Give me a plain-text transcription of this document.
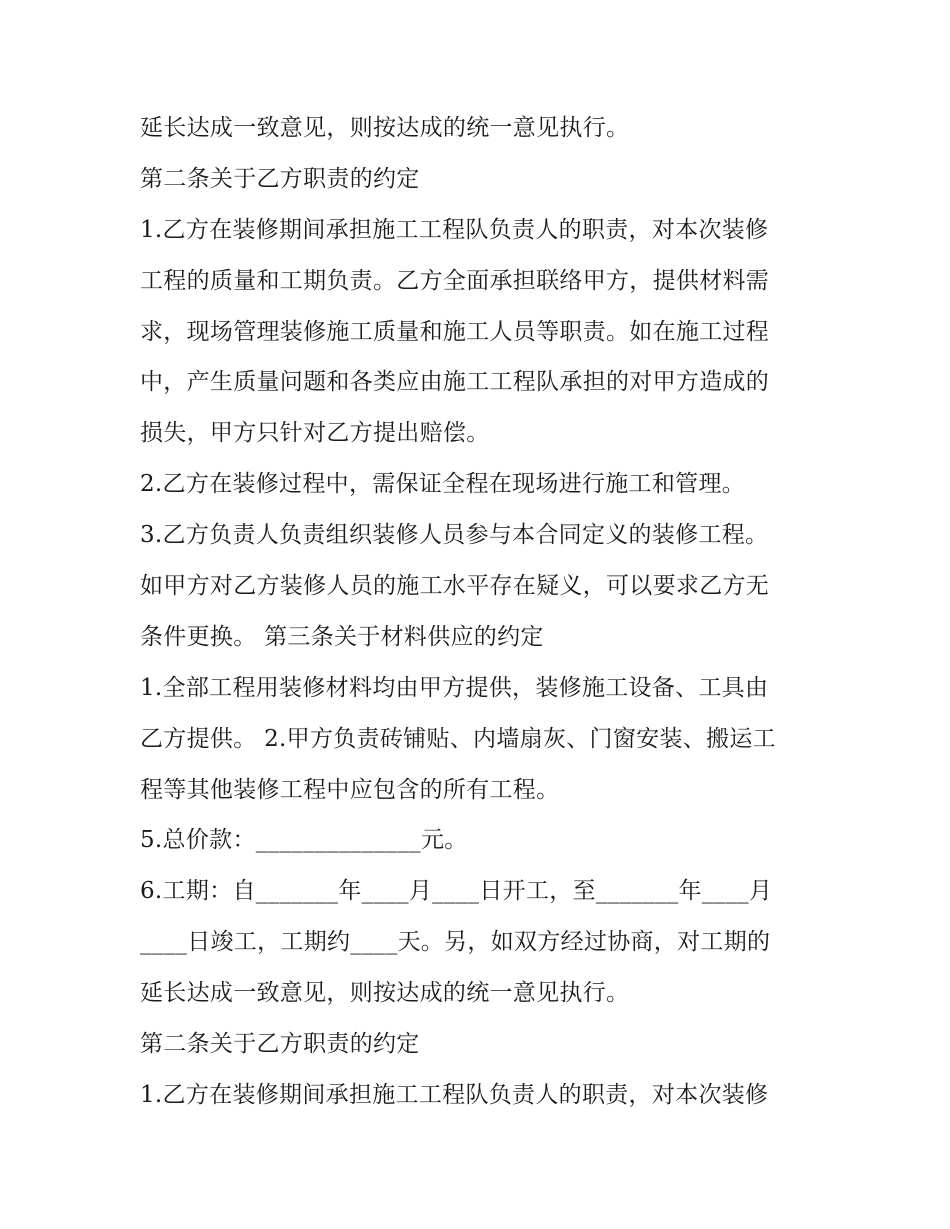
延长达成一致意见，则按达成的统一意见执行。
第二条关于乙方职责的约定
1.乙方在装修期间承担施工工程队负责人的职责，对本次装修
工程的质量和工期负责。乙方全面承担联络甲方，提供材料需
求，现场管理装修施工质量和施工人员等职责。如在施工过程
中，产生质量问题和各类应由施工工程队承担的对甲方造成的
损失，甲方只针对乙方提出赔偿。
2.乙方在装修过程中，需保证全程在现场进行施工和管理。
3.乙方负责人负责组织装修人员参与本合同定义的装修工程。
如甲方对乙方装修人员的施工水平存在疑义，可以要求乙方无
条件更换。 第三条关于材料供应的约定
1.全部工程用装修材料均由甲方提供，装修施工设备、工具由
乙方提供。 2.甲方负责砖铺贴、内墙扇灰、门窗安装、搬运工
程等其他装修工程中应包含的所有工程。
5.总价款：______________元。
6.工期：自_______年____月____日开工，至_______年____月
____日竣工，工期约____天。另，如双方经过协商，对工期的
延长达成一致意见，则按达成的统一意见执行。
第二条关于乙方职责的约定
1.乙方在装修期间承担施工工程队负责人的职责，对本次装修
